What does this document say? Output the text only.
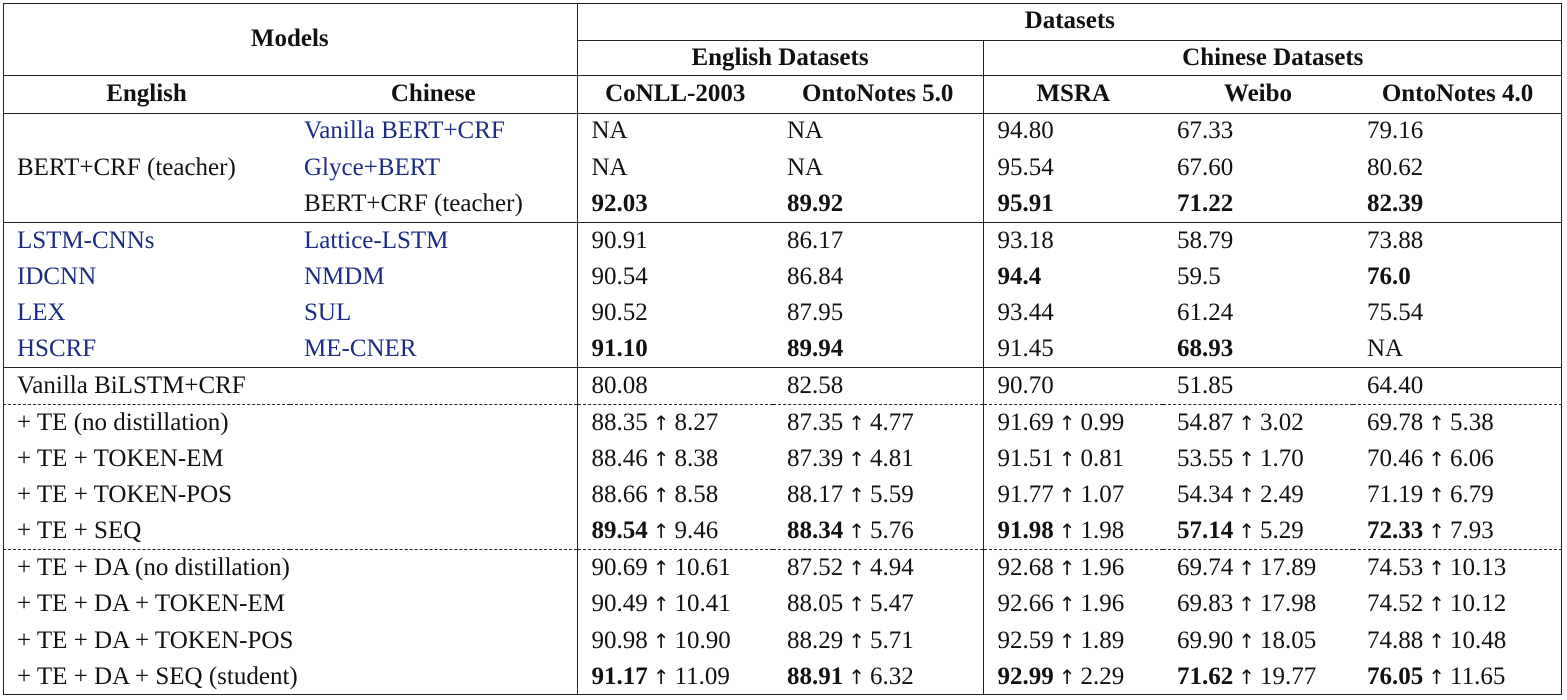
Models		Datasets				
		English Datasets		Chinese Datasets		
English	Chinese	CoNLL-2003	OntoNotes 5.0	MSRA	Weibo	OntoNotes 4.0
BERT+CRF (teacher)	Vanilla BERT+CRF	NA	NA	94.80	67.33	79.16
	Glyce+BERT	NA	NA	95.54	67.60	80.62
	BERT+CRF (teacher)	92.03	89.92	95.91	71.22	82.39
LSTM-CNNs	Lattice-LSTM	90.91	86.17	93.18	58.79	73.88
IDCNN	NMDM	90.54	86.84	94.4	59.5	76.0
LEX	SUL	90.52	87.95	93.44	61.24	75.54
HSCRF	ME-CNER	91.10	89.94	91.45	68.93	NA
Vanilla BiLSTM+CRF		80.08	82.58	90.70	51.85	64.40
+ TE (no distillation)		88.35  ↑  8.27	87.35  ↑  4.77	91.69  ↑  0.99	54.87  ↑  3.02	69.78  ↑  5.38
+ TE + TOKEN-EM		88.46  ↑  8.38	87.39  ↑  4.81	91.51  ↑  0.81	53.55  ↑  1.70	70.46  ↑  6.06
+ TE + TOKEN-POS		88.66  ↑  8.58	88.17  ↑  5.59	91.77  ↑  1.07	54.34  ↑  2.49	71.19  ↑  6.79
+ TE + SEQ		89.54  ↑  9.46	88.34  ↑  5.76	91.98  ↑  1.98	57.14  ↑  5.29	72.33  ↑  7.93
+ TE + DA (no distillation)		90.69  ↑  10.61	87.52  ↑  4.94	92.68  ↑  1.96	69.74  ↑  17.89	74.53  ↑  10.13
+ TE + DA + TOKEN-EM		90.49  ↑  10.41	88.05  ↑  5.47	92.66  ↑  1.96	69.83  ↑  17.98	74.52  ↑  10.12
+ TE + DA + TOKEN-POS		90.98  ↑  10.90	88.29  ↑  5.71	92.59  ↑  1.89	69.90  ↑  18.05	74.88  ↑  10.48
+ TE + DA + SEQ (student)		91.17  ↑  11.09	88.91  ↑  6.32	92.99  ↑  2.29	71.62  ↑  19.77	76.05  ↑  11.65
